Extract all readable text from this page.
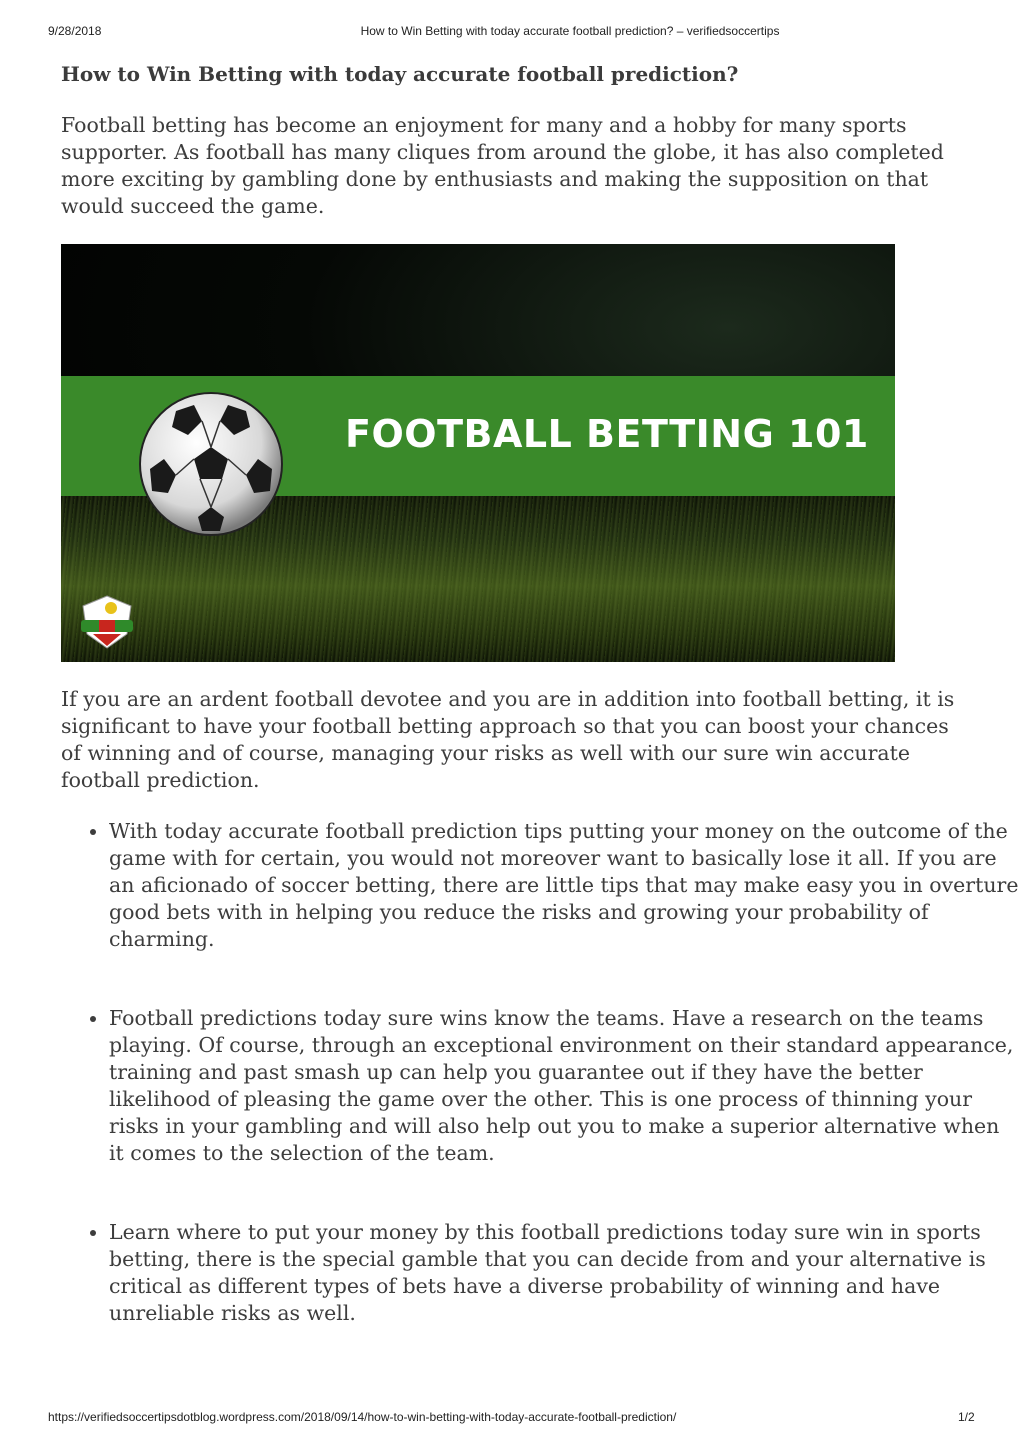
9/28/2018	How to Win Betting with today accurate football prediction? – verifiedsoccertips
How to Win Betting with today accurate football prediction?

Football betting has become an enjoyment for many and a hobby for many sports supporter. As football has many cliques from around the globe, it has also completed more exciting by gambling done by enthusiasts and making the supposition on that would succeed the game.

FOOTBALL BETTING 101

If you are an ardent football devotee and you are in addition into football betting, it is significant to have your football betting approach so that you can boost your chances of winning and of course, managing your risks as well with our sure win accurate football prediction.

• With today accurate football prediction tips putting your money on the outcome of the game with for certain, you would not moreover want to basically lose it all. If you are an aficionado of soccer betting, there are little tips that may make easy you in overture good bets with in helping you reduce the risks and growing your probability of charming.
• Football predictions today sure wins know the teams. Have a research on the teams playing. Of course, through an exceptional environment on their standard appearance, training and past smash up can help you guarantee out if they have the better likelihood of pleasing the game over the other. This is one process of thinning your risks in your gambling and will also help out you to make a superior alternative when it comes to the selection of the team.
• Learn where to put your money by this football predictions today sure win in sports betting, there is the special gamble that you can decide from and your alternative is critical as different types of bets have a diverse probability of winning and have unreliable risks as well.
https://verifiedsoccertipsdotblog.wordpress.com/2018/09/14/how-to-win-betting-with-today-accurate-football-prediction/	1/2
